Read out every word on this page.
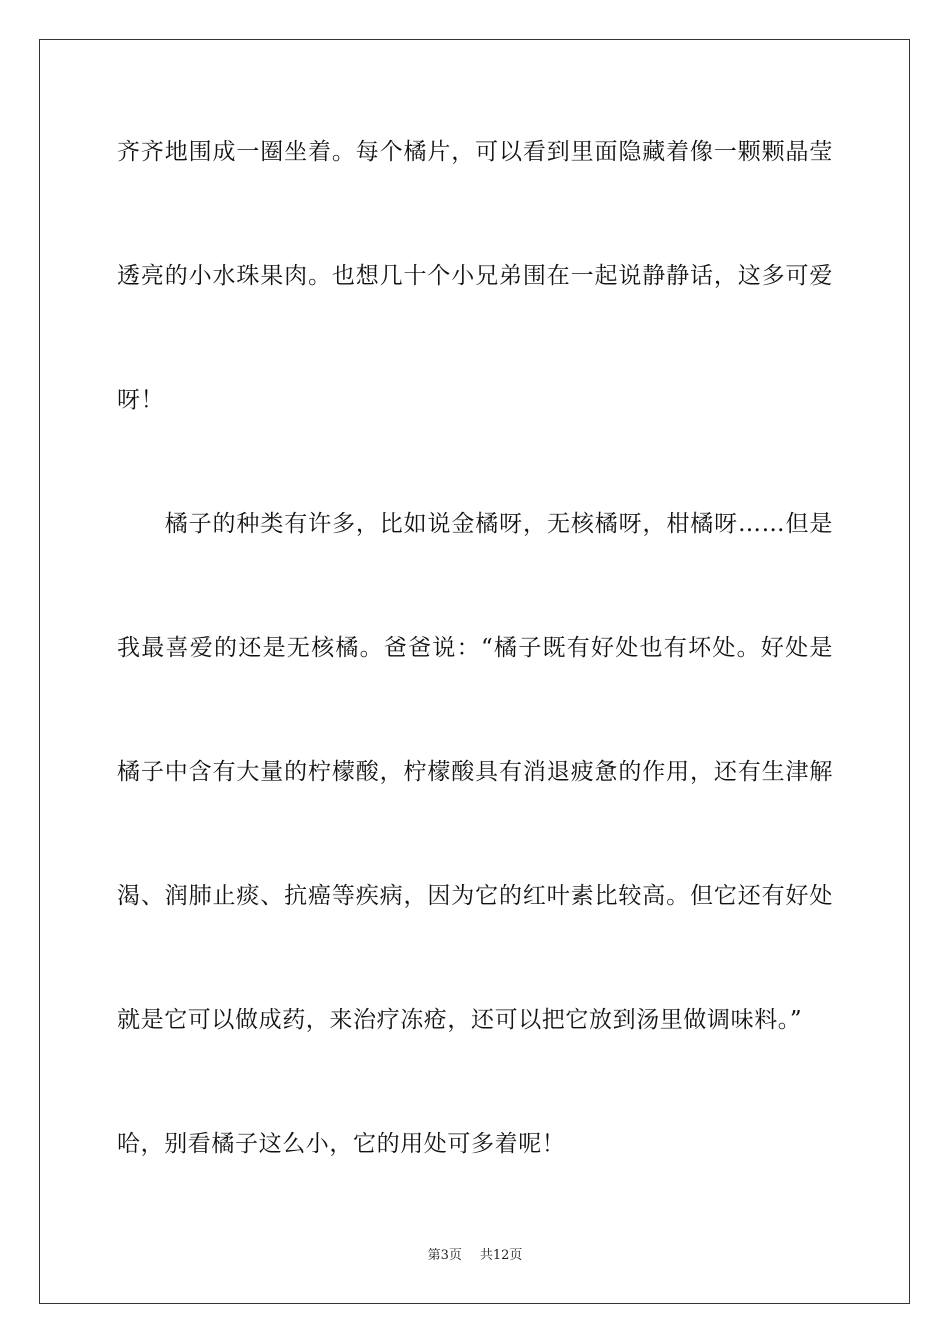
齐齐地围成一圈坐着。每个橘片，可以看到里面隐藏着像一颗颗晶莹
透亮的小水珠果肉。也想几十个小兄弟围在一起说静静话，这多可爱
呀！
　　橘子的种类有许多，比如说金橘呀，无核橘呀，柑橘呀……但是
我最喜爱的还是无核橘。爸爸说：“橘子既有好处也有坏处。好处是
橘子中含有大量的柠檬酸，柠檬酸具有消退疲惫的作用，还有生津解
渴、润肺止痰、抗癌等疾病，因为它的红叶素比较高。但它还有好处
就是它可以做成药，来治疗冻疮，还可以把它放到汤里做调味料。”
哈，别看橘子这么小，它的用处可多着呢！
第3页 共12页
